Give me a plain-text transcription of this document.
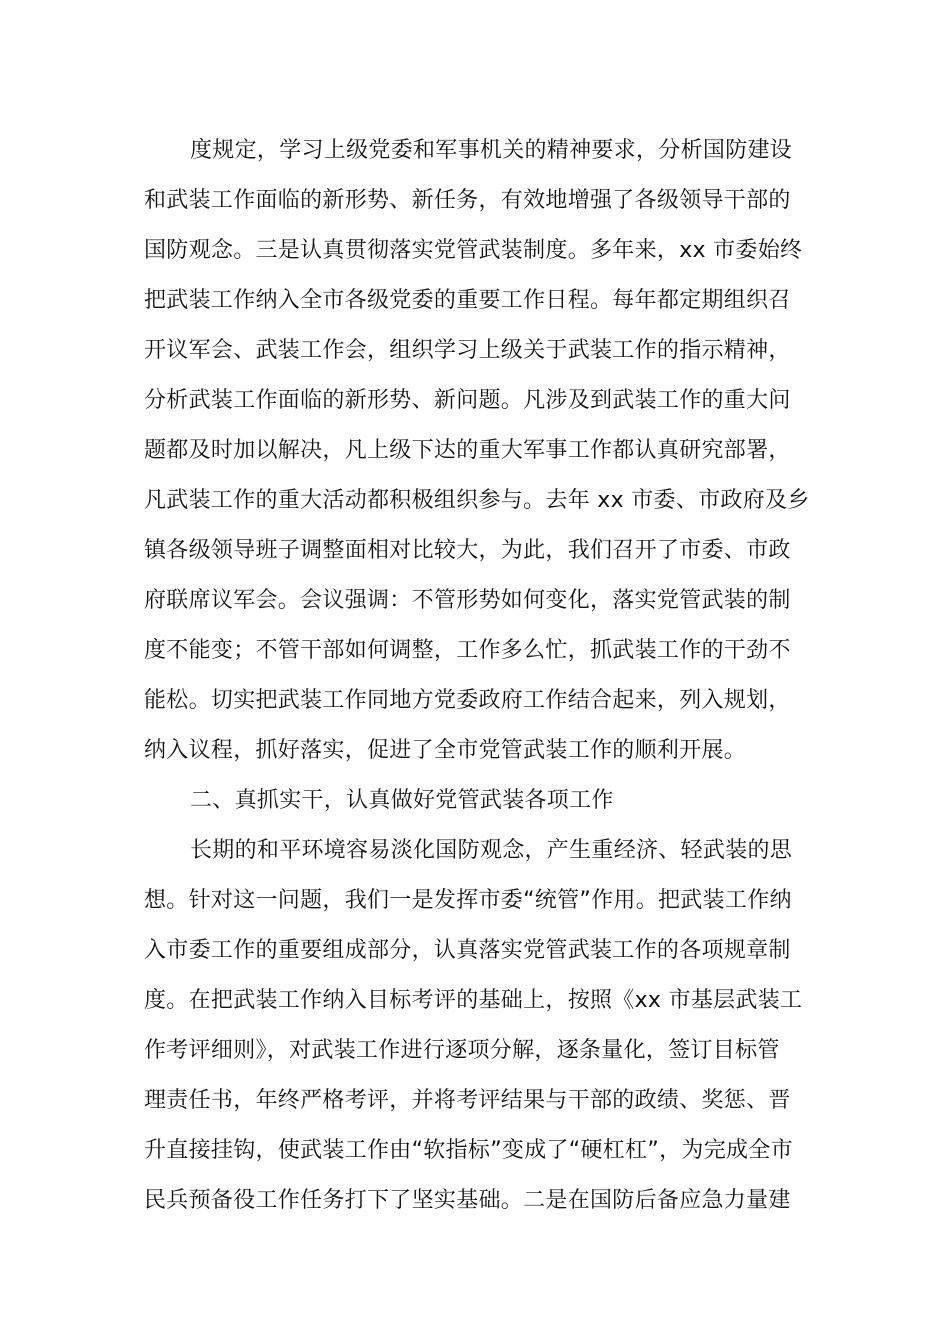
度规定，学习上级党委和军事机关的精神要求，分析国防建设
和武装工作面临的新形势、新任务，有效地增强了各级领导干部的
国防观念。三是认真贯彻落实党管武装制度。多年来，xx 市委始终
把武装工作纳入全市各级党委的重要工作日程。每年都定期组织召
开议军会、武装工作会，组织学习上级关于武装工作的指示精神，
分析武装工作面临的新形势、新问题。凡涉及到武装工作的重大问
题都及时加以解决，凡上级下达的重大军事工作都认真研究部署，
凡武装工作的重大活动都积极组织参与。去年 xx 市委、市政府及乡
镇各级领导班子调整面相对比较大，为此，我们召开了市委、市政
府联席议军会。会议强调：不管形势如何变化，落实党管武装的制
度不能变；不管干部如何调整，工作多么忙，抓武装工作的干劲不
能松。切实把武装工作同地方党委政府工作结合起来，列入规划，
纳入议程，抓好落实，促进了全市党管武装工作的顺利开展。
二、真抓实干，认真做好党管武装各项工作
长期的和平环境容易淡化国防观念，产生重经济、轻武装的思
想。针对这一问题，我们一是发挥市委“统管”作用。把武装工作纳
入市委工作的重要组成部分，认真落实党管武装工作的各项规章制
度。在把武装工作纳入目标考评的基础上，按照《xx 市基层武装工
作考评细则》，对武装工作进行逐项分解，逐条量化，签订目标管
理责任书，年终严格考评，并将考评结果与干部的政绩、奖惩、晋
升直接挂钩，使武装工作由“软指标”变成了“硬杠杠”，为完成全市
民兵预备役工作任务打下了坚实基础。二是在国防后备应急力量建
